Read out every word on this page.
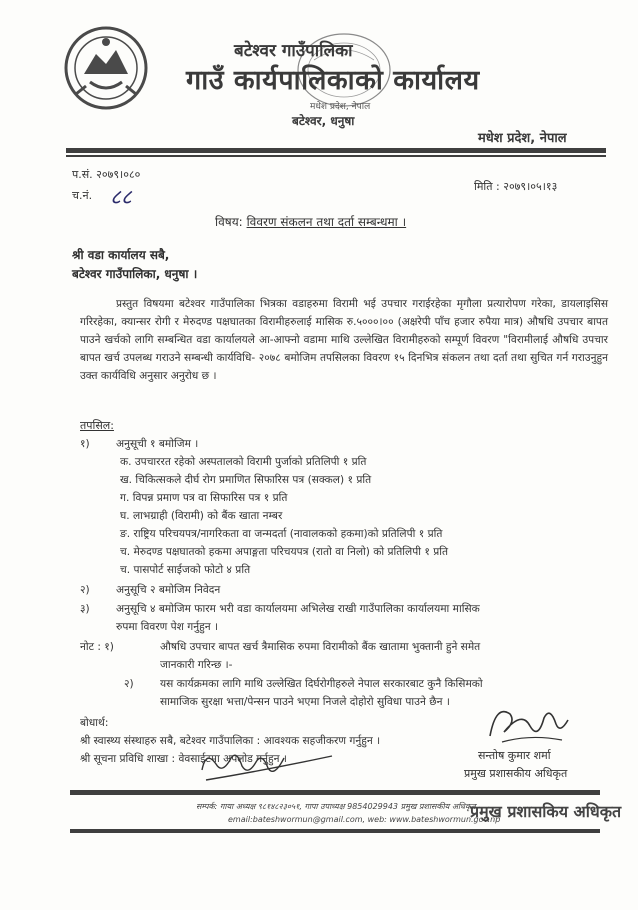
बटेश्वर गाउँपालिका
गाउँ कार्यपालिकाको कार्यालय
मधेश प्रदेश, नेपाल
बटेश्वर, धनुषा
मधेश प्रदेश, नेपाल
प.सं. २०७९।०८०
च.नं. ८८	मिति : २०७९।०५।१३
विषय: विवरण संकलन तथा दर्ता सम्बन्धमा ।
श्री वडा कार्यालय सबै,
बटेश्वर गाउँपालिका, धनुषा ।
प्रस्तुत विषयमा बटेश्वर गाउँपालिका भित्रका वडाहरुमा विरामी भई उपचार गराईरहेका मृगौला प्रत्यारोपण गरेका, डायलाइसिस गरिरहेका, क्यान्सर रोगी र मेरुदण्ड पक्षघातका विरामीहरुलाई मासिक रु.५०००।०० (अक्षरेपी पाँच हजार रुपैया मात्र) औषधि उपचार बापत पाउने खर्चको लागि सम्बन्धित वडा कार्यालयले आ-आफ्नो वडामा माथि उल्लेखित विरामीहरुको सम्पूर्ण विवरण "विरामीलाई औषधि उपचार बापत खर्च उपलब्ध गराउने सम्बन्धी कार्यविधि- २०७८ बमोजिम तपसिलका विवरण १५ दिनभित्र संकलन तथा दर्ता तथा सुचित गर्न गराउनुहुन उक्त कार्यविधि अनुसार अनुरोध छ ।
तपसिल:
१) अनुसूची १ बमोजिम ।
क. उपचाररत रहेको अस्पतालको विरामी पुर्जाको प्रतिलिपी १ प्रति
ख. चिकित्सकले दीर्घ रोग प्रमाणित सिफारिस पत्र (सक्कल) १ प्रति
ग. विपन्न प्रमाण पत्र वा सिफारिस पत्र १ प्रति
घ. लाभग्राही (विरामी) को बैंक खाता नम्बर
ङ. राष्ट्रिय परिचयपत्र/नागरिकता वा जन्मदर्ता (नावालकको हकमा)को प्रतिलिपी १ प्रति
च. मेरुदण्ड पक्षघातको हकमा अपाङ्गता परिचयपत्र (रातो वा निलो) को प्रतिलिपी १ प्रति
च. पासपोर्ट साईजको फोटो ४ प्रति
२) अनुसूचि २ बमोजिम निवेदन
३) अनुसूचि ४ बमोजिम फारम भरी वडा कार्यालयमा अभिलेख राखी गाउँपालिका कार्यालयमा मासिक
रुपमा विवरण पेश गर्नुहुन ।
नोट : १)	औषधि उपचार बापत खर्च त्रैमासिक रुपमा विरामीको बैंक खातामा भुक्तानी हुने समेत
जानकारी गरिन्छ ।-
२) यस कार्यक्रमका लागि माथि उल्लेखित दिर्घरोगीहरुले नेपाल सरकारबाट कुनै किसिमको
सामाजिक सुरक्षा भत्ता/पेन्सन पाउने भएमा निजले दोहोरो सुविधा पाउने छैन ।
बोधार्थ:
श्री स्वास्थ्य संस्थाहरु सबै, बटेश्वर गाउँपालिका : आवश्यक सहजीकरण गर्नुहुन ।
श्री सूचना प्रविधि शाखा : वेवसाईटमा अपलोड गर्नुहुन ।	सन्तोष कुमार शर्मा
प्रमुख प्रशासकीय अधिकृत
सम्पर्क: गाया अध्यक्ष ९८१४८२३०५१, गापा उपाध्यक्ष 9854029943 प्रमुख प्रशासकीय अधिकृत
email:bateshwormun@gmail.com, web: www.bateshwormun.gov.np
प्रमुख प्रशासकिय अधिकृत
